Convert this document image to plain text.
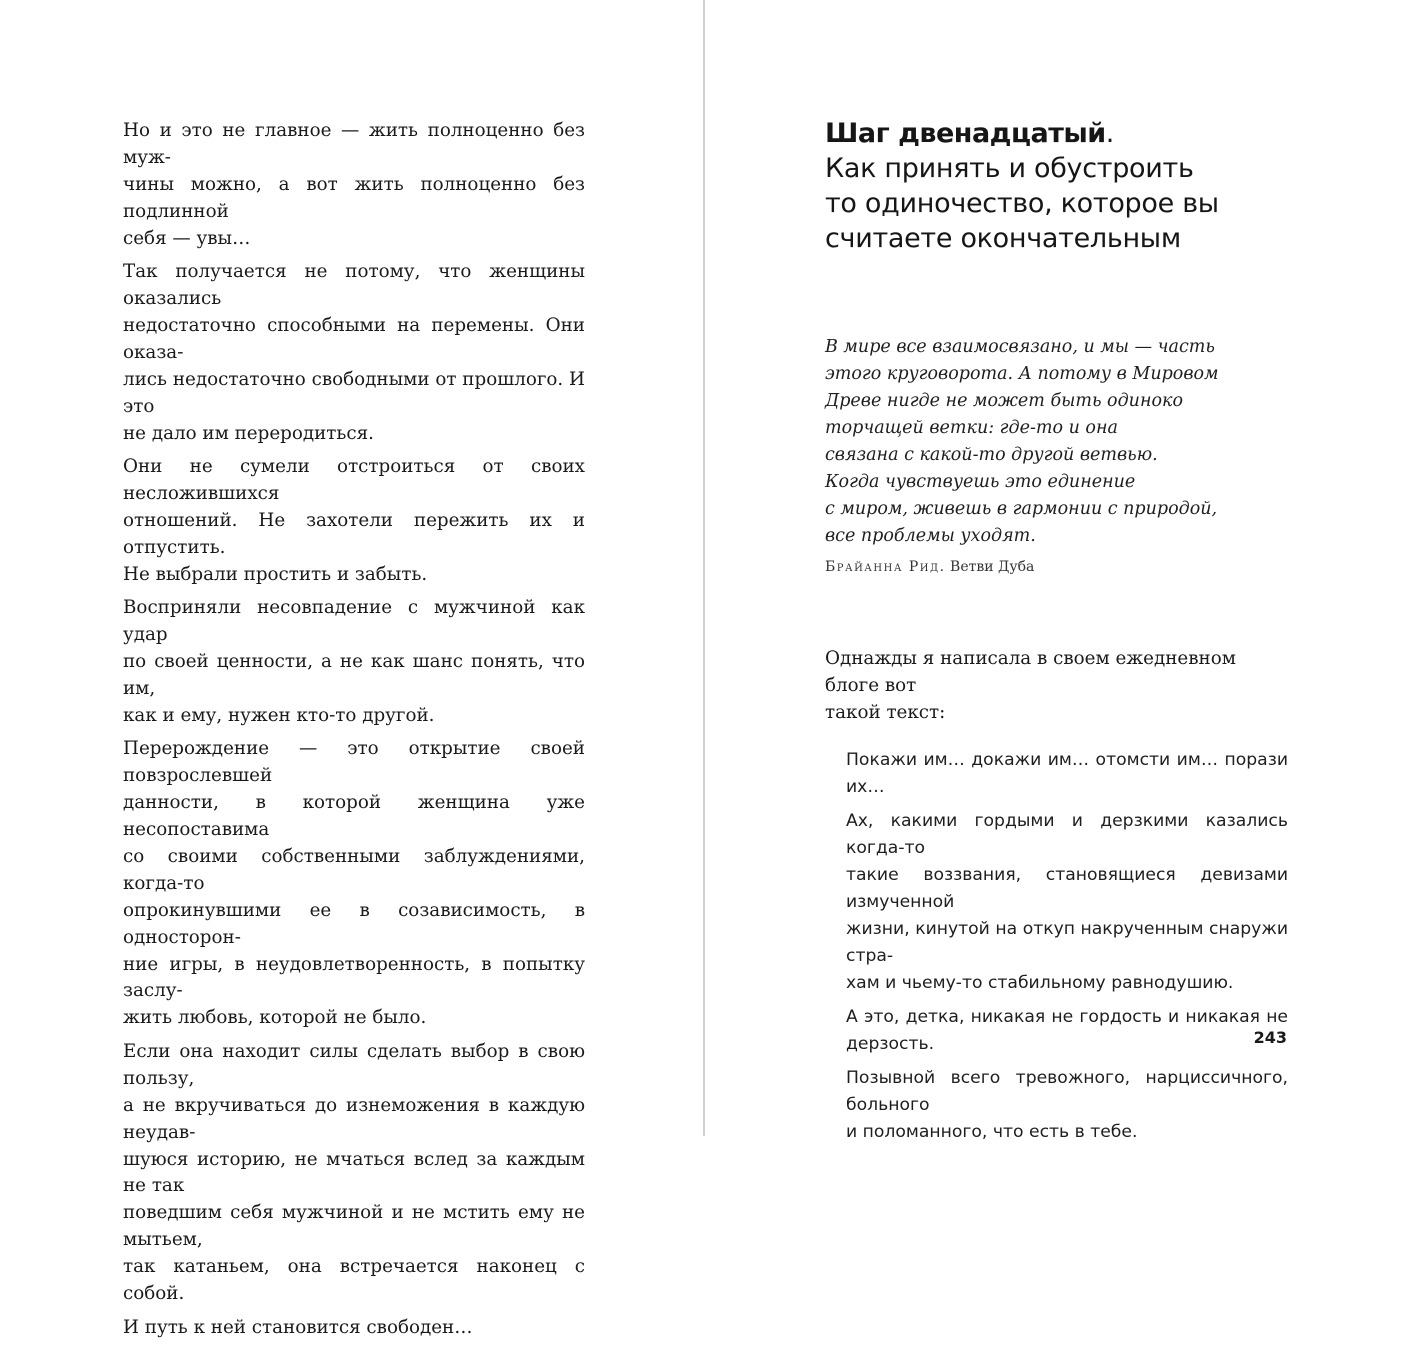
Но и это не главное — жить полноценно без муж-
чины можно, а вот жить полноценно без подлинной
себя — увы…

Так получается не потому, что женщины оказались
недостаточно способными на перемены. Они оказа-
лись недостаточно свободными от прошлого. И это
не дало им переродиться.

Они не сумели отстроиться от своих несложившихся
отношений. Не захотели пережить их и отпустить.
Не выбрали простить и забыть.

Восприняли несовпадение с мужчиной как удар
по своей ценности, а не как шанс понять, что им,
как и ему, нужен кто-то другой.

Перерождение — это открытие своей повзрослевшей
данности, в которой женщина уже несопоставима
со своими собственными заблуждениями, когда-то
опрокинувшими ее в созависимость, в односторон-
ние игры, в неудовлетворенность, в попытку заслу-
жить любовь, которой не было.

Если она находит силы сделать выбор в свою пользу,
а не вкручиваться до изнеможения в каждую неудав-
шуюся историю, не мчаться вслед за каждым не так
поведшим себя мужчиной и не мстить ему не мытьем,
так катаньем, она встречается наконец с собой.

И путь к ней становится свободен…

Шаг двенадцатый.
Как принять и обустроить
то одиночество, которое вы
считаете окончательным
В мире все взаимосвязано, и мы — часть
этого круговорота. А потому в Мировом
Древе нигде не может быть одиноко
торчащей ветки: где-то и она
связана с какой-то другой ветвью.
Когда чувствуешь это единение
с миром, живешь в гармонии с природой,
все проблемы уходят.
Брайанна Рид. Ветви Дуба
Однажды я написала в своем ежедневном блоге вот
такой текст:

Покажи им… докажи им… отомсти им… порази их…

Ах, какими гордыми и дерзкими казались когда-то
такие воззвания, становящиеся девизами измученной
жизни, кинутой на откуп накрученным снаружи стра-
хам и чьему-то стабильному равнодушию.

А это, детка, никакая не гордость и никакая не дерзость.

Позывной всего тревожного, нарциссичного, больного
и поломанного, что есть в тебе.

243
